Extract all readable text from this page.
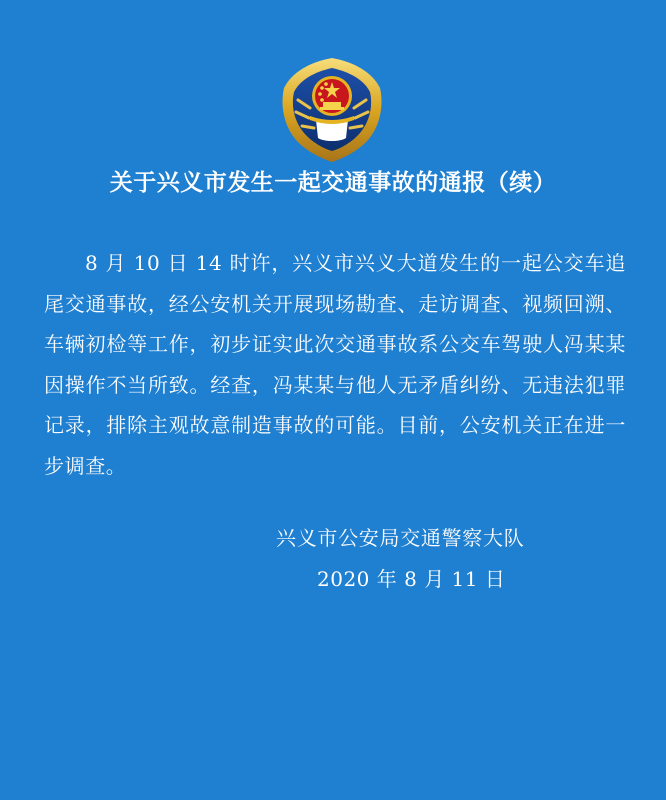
关于兴义市发生一起交通事故的通报（续）
8 月 10 日 14 时许，兴义市兴义大道发生的一起公交车追尾交通事故，经公安机关开展现场勘查、走访调查、视频回溯、车辆初检等工作，初步证实此次交通事故系公交车驾驶人冯某某因操作不当所致。经查，冯某某与他人无矛盾纠纷、无违法犯罪记录，排除主观故意制造事故的可能。目前，公安机关正在进一步调查。
兴义市公安局交通警察大队
2020 年 8 月 11 日
